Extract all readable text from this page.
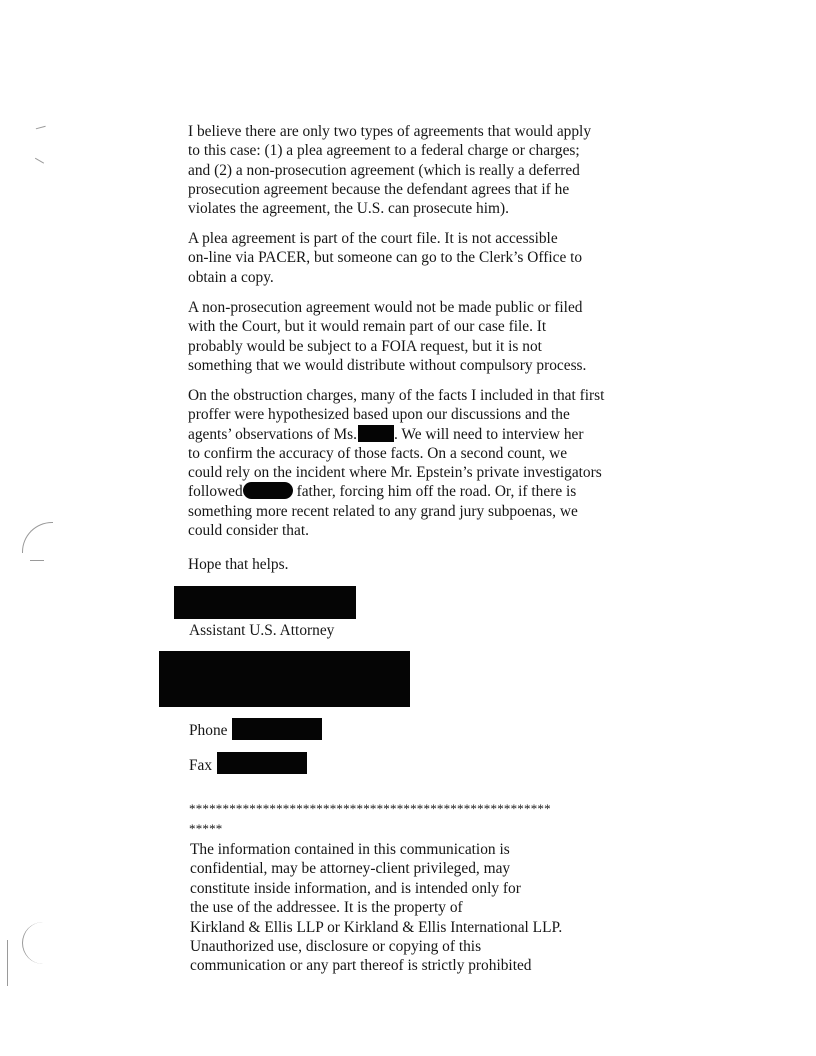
I believe there are only two types of agreements that would apply
to this case: (1) a plea agreement to a federal charge or charges;
and (2) a non-prosecution agreement (which is really a deferred
prosecution agreement because the defendant agrees that if he
violates the agreement, the U.S. can prosecute him).

A plea agreement is part of the court file. It is not accessible
on-line via PACER, but someone can go to the Clerk’s Office to
obtain a copy.

A non-prosecution agreement would not be made public or filed
with the Court, but it would remain part of our case file. It
probably would be subject to a FOIA request, but it is not
something that we would distribute without compulsory process.

On the obstruction charges, many of the facts I included in that first
proffer were hypothesized based upon our discussions and the
agents’ observations of Ms. . We will need to interview her
to confirm the accuracy of those facts. On a second count, we
could rely on the incident where Mr. Epstein’s private investigators
followed	father, forcing him off the road. Or, if there is
something more recent related to any grand jury subpoenas, we
could consider that.

Hope that helps.

Assistant U.S. Attorney
Phone
Fax
******************************************************
*****
The information contained in this communication is
confidential, may be attorney-client privileged, may
constitute inside information, and is intended only for
the use of the addressee. It is the property of
Kirkland & Ellis LLP or Kirkland & Ellis International LLP.
Unauthorized use, disclosure or copying of this
communication or any part thereof is strictly prohibited
